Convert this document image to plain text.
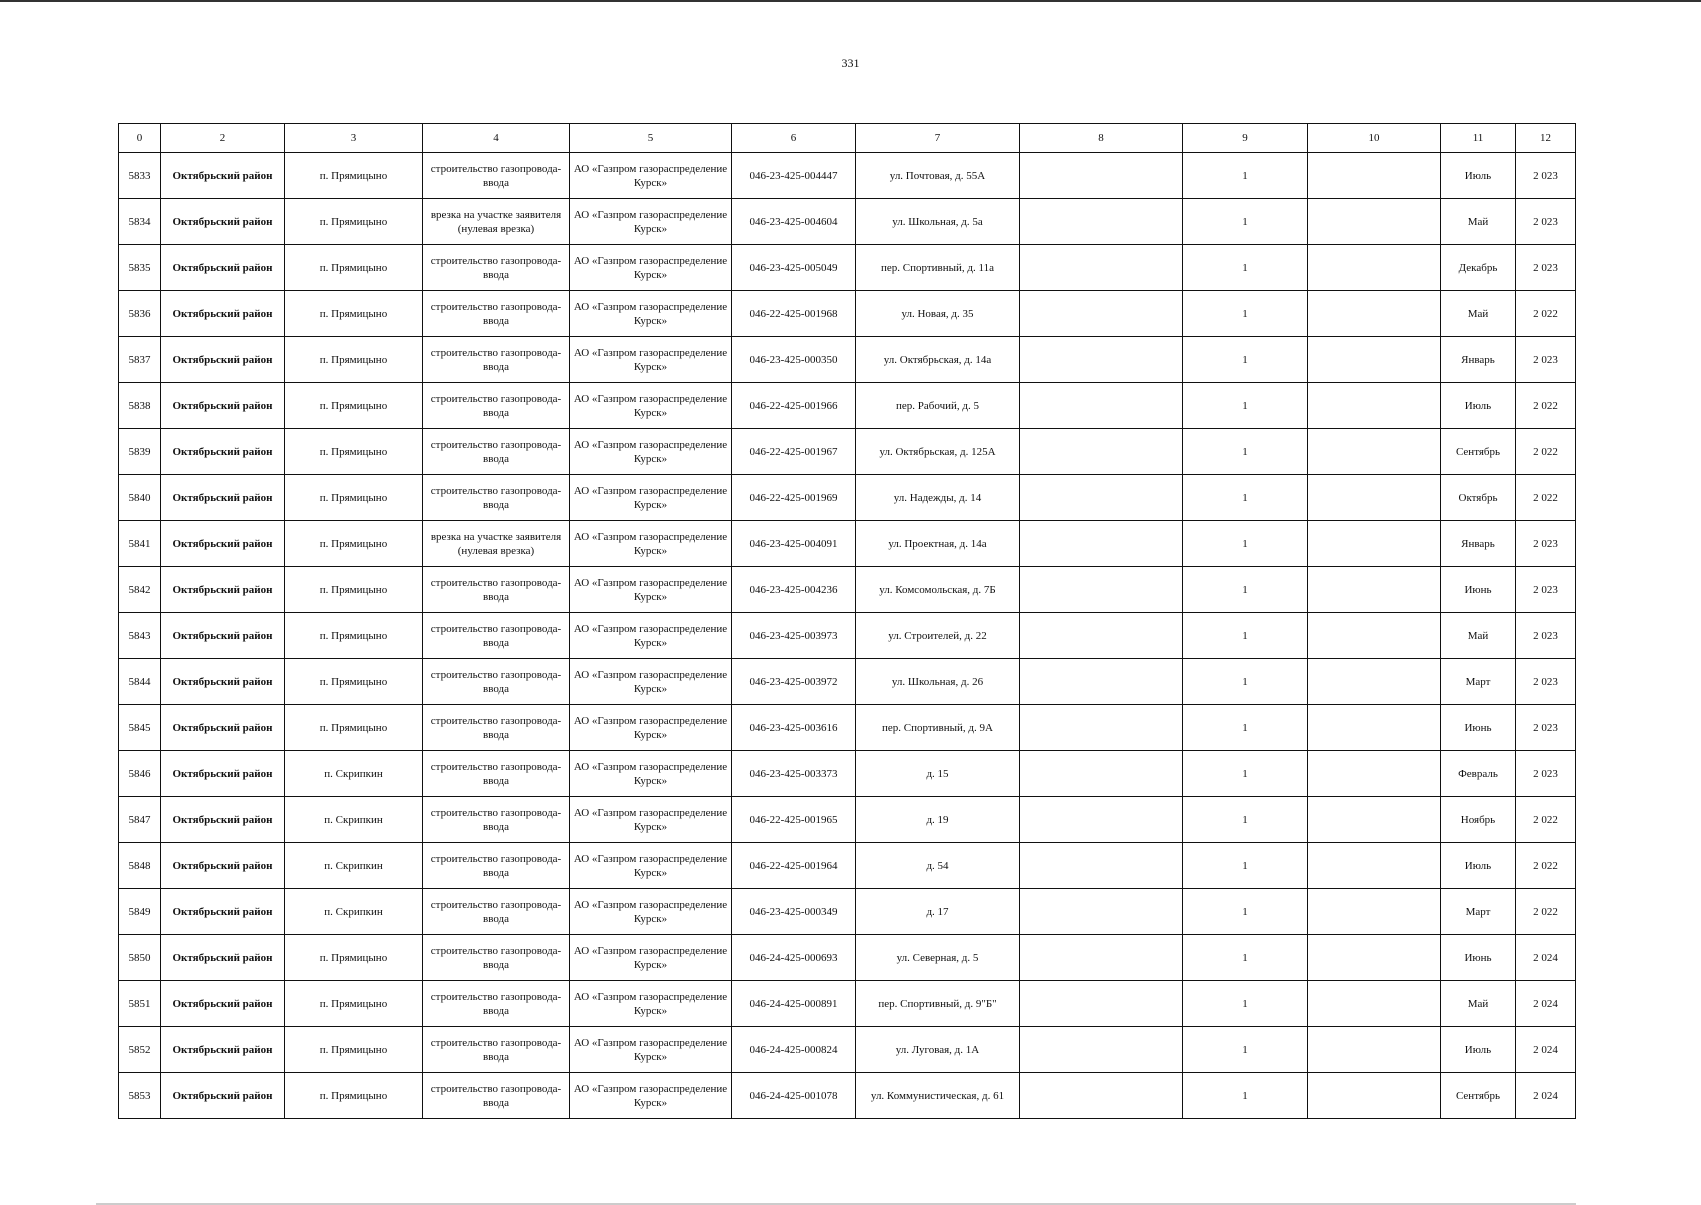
331
0	2	3	4	5	6	7	8	9	10	11	12
5833	Октябрьский район	п. Прямицыно	строительство газопровода-ввода	АО «Газпром газораспределение Курск»	046-23-425-004447	ул. Почтовая, д. 55А		1		Июль	2 023
5834	Октябрьский район	п. Прямицыно	врезка на участке заявителя (нулевая врезка)	АО «Газпром газораспределение Курск»	046-23-425-004604	ул. Школьная, д. 5а		1		Май	2 023
5835	Октябрьский район	п. Прямицыно	строительство газопровода-ввода	АО «Газпром газораспределение Курск»	046-23-425-005049	пер. Спортивный, д. 11а		1		Декабрь	2 023
5836	Октябрьский район	п. Прямицыно	строительство газопровода-ввода	АО «Газпром газораспределение Курск»	046-22-425-001968	ул. Новая, д. 35		1		Май	2 022
5837	Октябрьский район	п. Прямицыно	строительство газопровода-ввода	АО «Газпром газораспределение Курск»	046-23-425-000350	ул. Октябрьская, д. 14а		1		Январь	2 023
5838	Октябрьский район	п. Прямицыно	строительство газопровода-ввода	АО «Газпром газораспределение Курск»	046-22-425-001966	пер. Рабочий, д. 5		1		Июль	2 022
5839	Октябрьский район	п. Прямицыно	строительство газопровода-ввода	АО «Газпром газораспределение Курск»	046-22-425-001967	ул. Октябрьская, д. 125А		1		Сентябрь	2 022
5840	Октябрьский район	п. Прямицыно	строительство газопровода-ввода	АО «Газпром газораспределение Курск»	046-22-425-001969	ул. Надежды, д. 14		1		Октябрь	2 022
5841	Октябрьский район	п. Прямицыно	врезка на участке заявителя (нулевая врезка)	АО «Газпром газораспределение Курск»	046-23-425-004091	ул. Проектная, д. 14а		1		Январь	2 023
5842	Октябрьский район	п. Прямицыно	строительство газопровода-ввода	АО «Газпром газораспределение Курск»	046-23-425-004236	ул. Комсомольская, д. 7Б		1		Июнь	2 023
5843	Октябрьский район	п. Прямицыно	строительство газопровода-ввода	АО «Газпром газораспределение Курск»	046-23-425-003973	ул. Строителей, д. 22		1		Май	2 023
5844	Октябрьский район	п. Прямицыно	строительство газопровода-ввода	АО «Газпром газораспределение Курск»	046-23-425-003972	ул. Школьная, д. 26		1		Март	2 023
5845	Октябрьский район	п. Прямицыно	строительство газопровода-ввода	АО «Газпром газораспределение Курск»	046-23-425-003616	пер. Спортивный, д. 9А		1		Июнь	2 023
5846	Октябрьский район	п. Скрипкин	строительство газопровода-ввода	АО «Газпром газораспределение Курск»	046-23-425-003373	д. 15		1		Февраль	2 023
5847	Октябрьский район	п. Скрипкин	строительство газопровода-ввода	АО «Газпром газораспределение Курск»	046-22-425-001965	д. 19		1		Ноябрь	2 022
5848	Октябрьский район	п. Скрипкин	строительство газопровода-ввода	АО «Газпром газораспределение Курск»	046-22-425-001964	д. 54		1		Июль	2 022
5849	Октябрьский район	п. Скрипкин	строительство газопровода-ввода	АО «Газпром газораспределение Курск»	046-23-425-000349	д. 17		1		Март	2 022
5850	Октябрьский район	п. Прямицыно	строительство газопровода-ввода	АО «Газпром газораспределение Курск»	046-24-425-000693	ул. Северная, д. 5		1		Июнь	2 024
5851	Октябрьский район	п. Прямицыно	строительство газопровода-ввода	АО «Газпром газораспределение Курск»	046-24-425-000891	пер. Спортивный, д. 9"Б"		1		Май	2 024
5852	Октябрьский район	п. Прямицыно	строительство газопровода-ввода	АО «Газпром газораспределение Курск»	046-24-425-000824	ул. Луговая, д. 1А		1		Июль	2 024
5853	Октябрьский район	п. Прямицыно	строительство газопровода-ввода	АО «Газпром газораспределение Курск»	046-24-425-001078	ул. Коммунистическая, д. 61		1		Сентябрь	2 024
